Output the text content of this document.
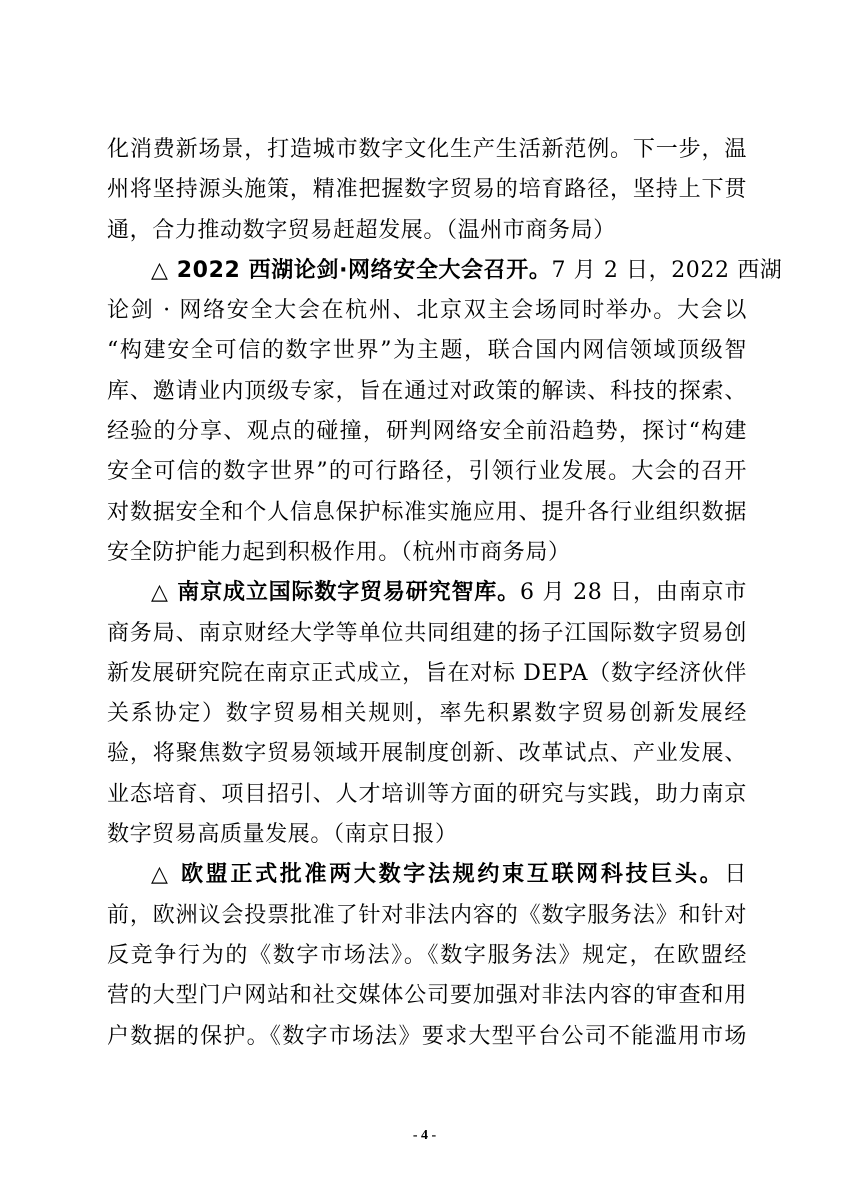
化消费新场景，打造城市数字文化生产生活新范例。下一步，温
州将坚持源头施策，精准把握数字贸易的培育路径，坚持上下贯
通，合力推动数字贸易赶超发展。（温州市商务局）
△ 2022 西湖论剑·网络安全大会召开。7 月 2 日，2022 西湖
论剑 · 网络安全大会在杭州、北京双主会场同时举办。大会以
“构建安全可信的数字世界”为主题，联合国内网信领域顶级智
库、邀请业内顶级专家，旨在通过对政策的解读、科技的探索、
经验的分享、观点的碰撞，研判网络安全前沿趋势，探讨“构建
安全可信的数字世界”的可行路径，引领行业发展。大会的召开
对数据安全和个人信息保护标准实施应用、提升各行业组织数据
安全防护能力起到积极作用。（杭州市商务局）
△ 南京成立国际数字贸易研究智库。6 月 28 日，由南京市
商务局、南京财经大学等单位共同组建的扬子江国际数字贸易创
新发展研究院在南京正式成立，旨在对标 DEPA（数字经济伙伴
关系协定）数字贸易相关规则，率先积累数字贸易创新发展经
验，将聚焦数字贸易领域开展制度创新、改革试点、产业发展、
业态培育、项目招引、人才培训等方面的研究与实践，助力南京
数字贸易高质量发展。（南京日报）
△ 欧盟正式批准两大数字法规约束互联网科技巨头。日
前，欧洲议会投票批准了针对非法内容的《数字服务法》和针对
反竞争行为的《数字市场法》。《数字服务法》规定，在欧盟经
营的大型门户网站和社交媒体公司要加强对非法内容的审查和用
户数据的保护。《数字市场法》要求大型平台公司不能滥用市场
- 4 -
